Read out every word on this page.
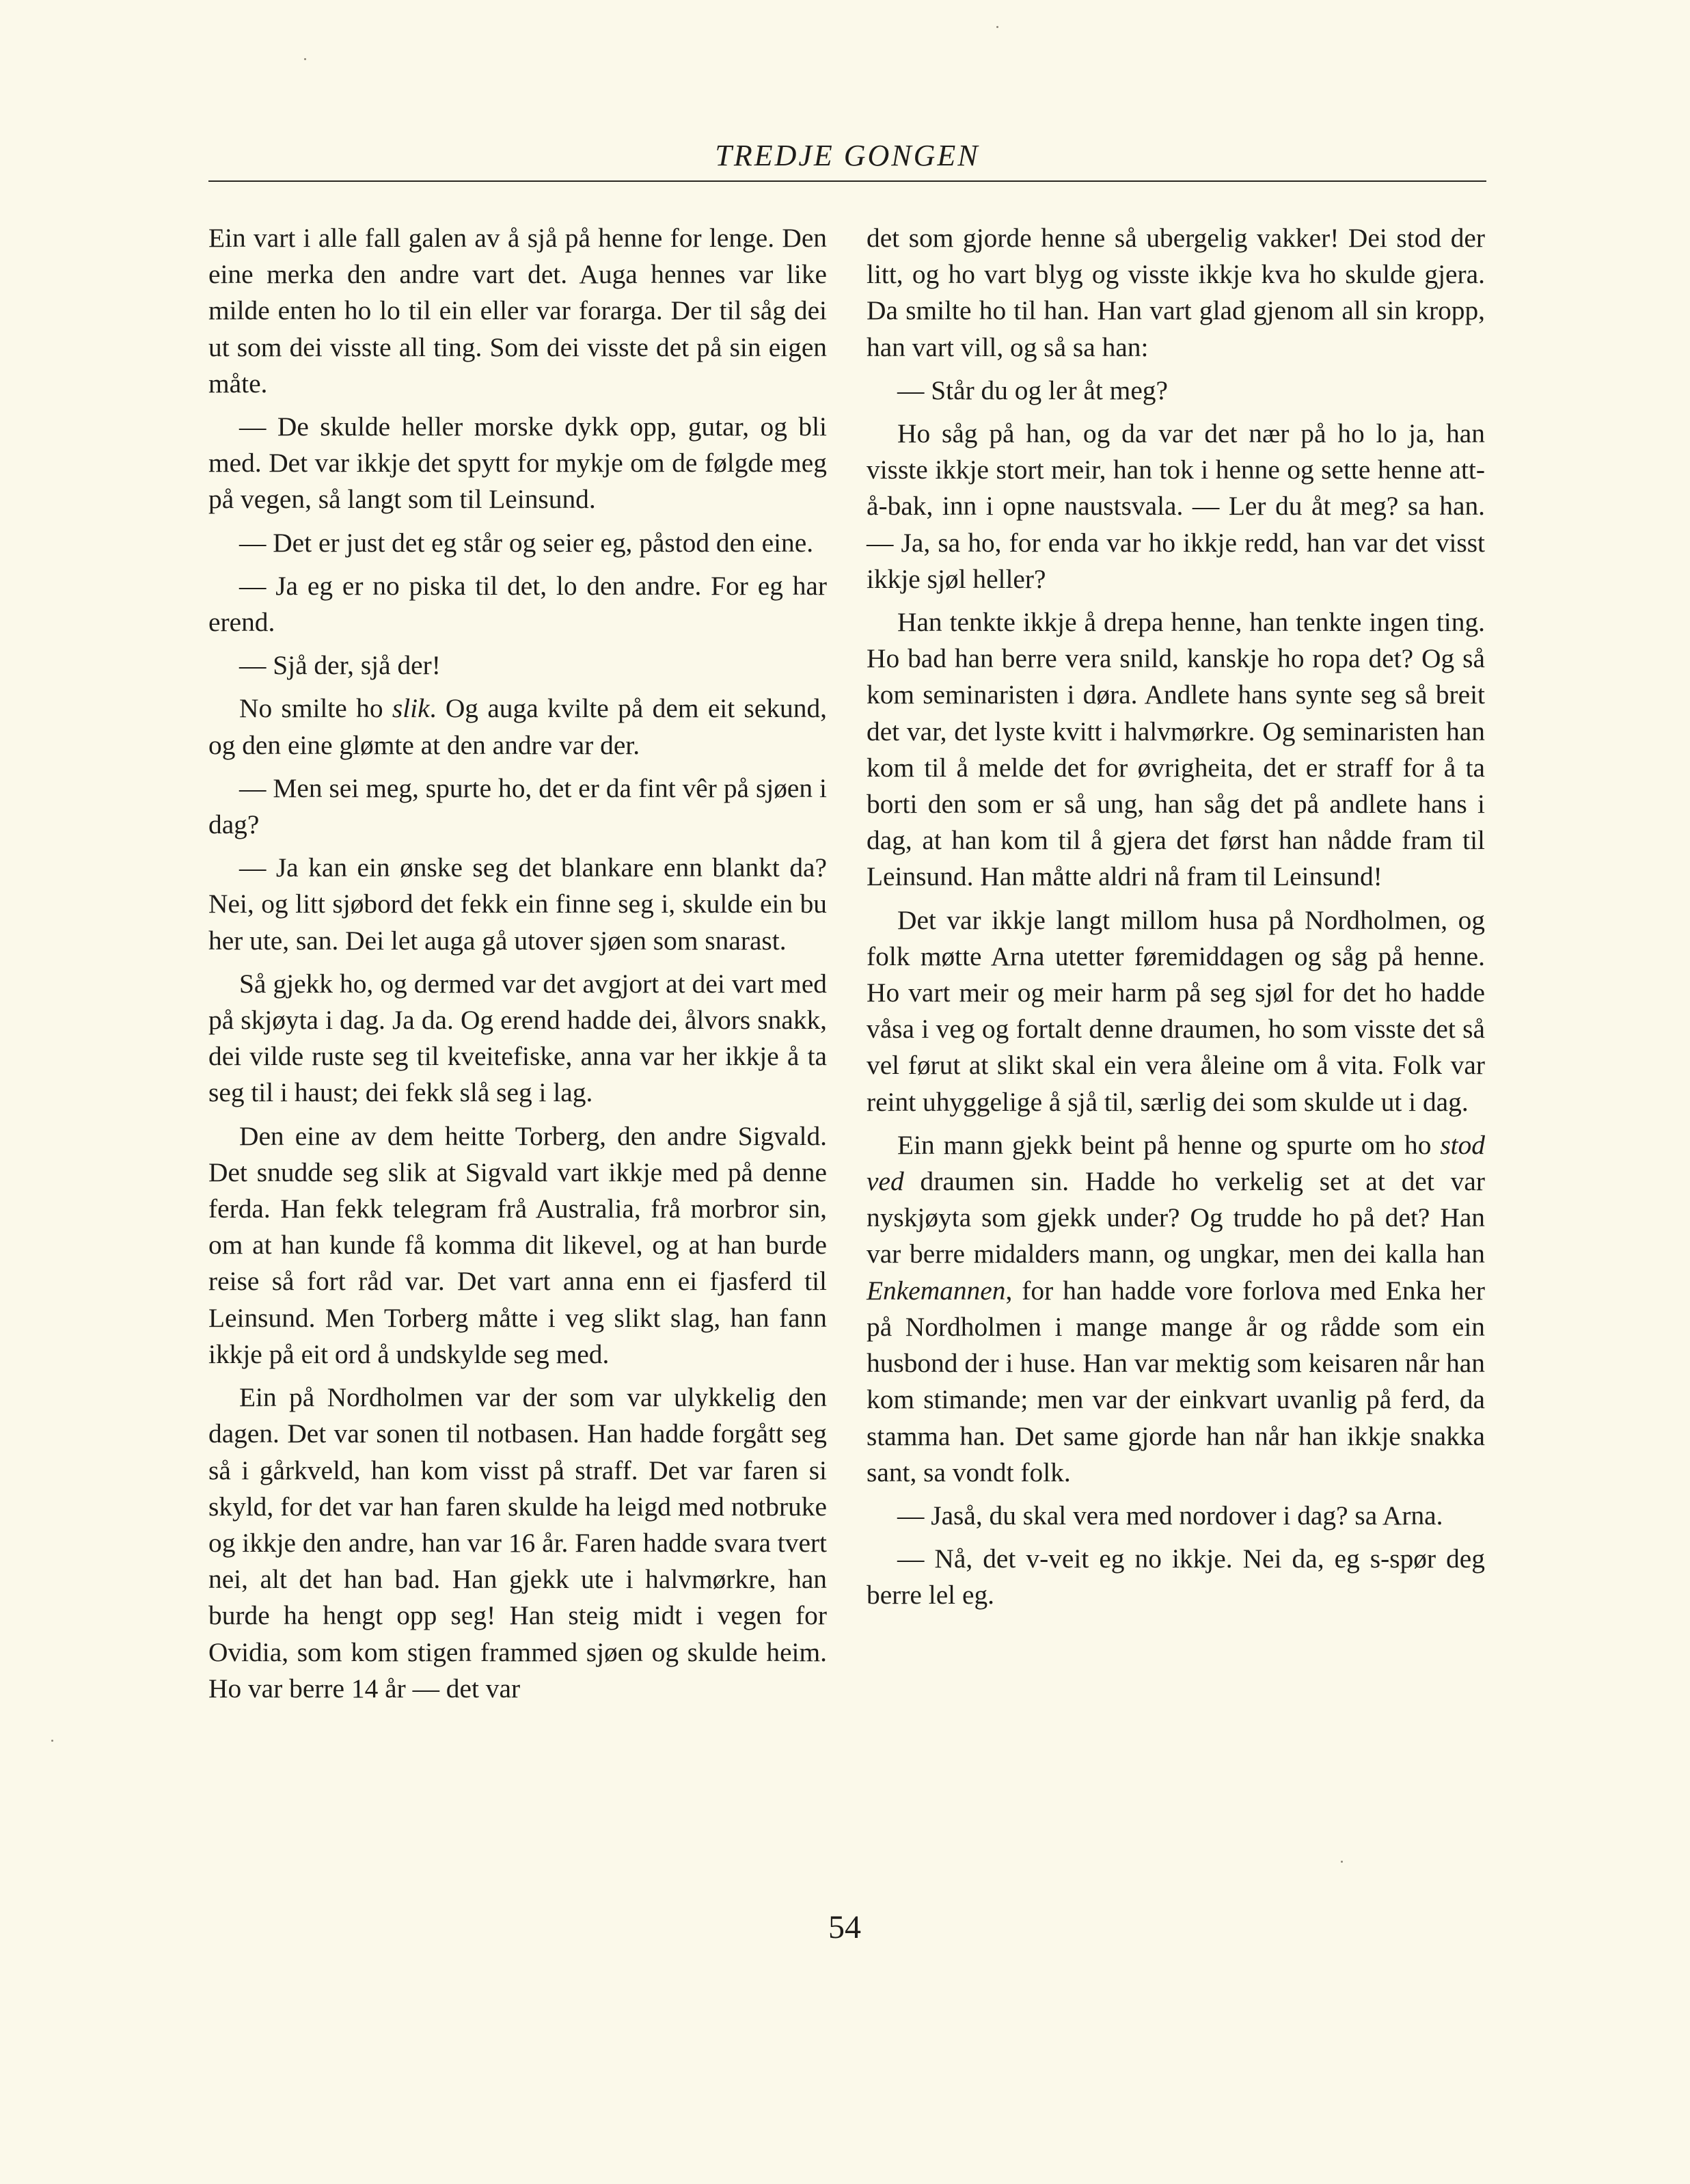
TREDJE GONGEN

Ein vart i alle fall galen av å sjå på henne for lenge. Den eine merka den andre vart det. Auga hennes var like milde enten ho lo til ein eller var forarga. Der til såg dei ut som dei visste all ting. Som dei visste det på sin eigen måte.

— De skulde heller morske dykk opp, gutar, og bli med. Det var ikkje det spytt for mykje om de følgde meg på vegen, så langt som til Leinsund.

— Det er just det eg står og seier eg, påstod den eine.

— Ja eg er no piska til det, lo den andre. For eg har erend.

— Sjå der, sjå der!

No smilte ho slik. Og auga kvilte på dem eit sekund, og den eine glømte at den andre var der.

— Men sei meg, spurte ho, det er da fint vêr på sjøen i dag?

— Ja kan ein ønske seg det blankare enn blankt da? Nei, og litt sjøbord det fekk ein finne seg i, skulde ein bu her ute, san. Dei let auga gå utover sjøen som snarast.

Så gjekk ho, og dermed var det avgjort at dei vart med på skjøyta i dag. Ja da. Og erend hadde dei, ålvors snakk, dei vilde ruste seg til kveitefiske, anna var her ikkje å ta seg til i haust; dei fekk slå seg i lag.

Den eine av dem heitte Torberg, den andre Sigvald. Det snudde seg slik at Sigvald vart ikkje med på denne ferda. Han fekk telegram frå Australia, frå morbror sin, om at han kunde få komma dit likevel, og at han burde reise så fort råd var. Det vart anna enn ei fjasferd til Leinsund. Men Torberg måtte i veg slikt slag, han fann ikkje på eit ord å undskylde seg med.

Ein på Nordholmen var der som var ulykkelig den dagen. Det var sonen til notbasen. Han hadde forgått seg så i gårkveld, han kom visst på straff. Det var faren si skyld, for det var han faren skulde ha leigd med notbruke og ikkje den andre, han var 16 år. Faren hadde svara tvert nei, alt det han bad. Han gjekk ute i halvmørkre, han burde ha hengt opp seg! Han steig midt i vegen for Ovidia, som kom stigen frammed sjøen og skulde heim. Ho var berre 14 år — det var

det som gjorde henne så ubergelig vakker! Dei stod der litt, og ho vart blyg og visste ikkje kva ho skulde gjera. Da smilte ho til han. Han vart glad gjenom all sin kropp, han vart vill, og så sa han:

— Står du og ler åt meg?

Ho såg på han, og da var det nær på ho lo ja, han visste ikkje stort meir, han tok i henne og sette henne att-å-bak, inn i opne naustsvala. — Ler du åt meg? sa han. — Ja, sa ho, for enda var ho ikkje redd, han var det visst ikkje sjøl heller?

Han tenkte ikkje å drepa henne, han tenkte ingen ting. Ho bad han berre vera snild, kanskje ho ropa det? Og så kom seminaristen i døra. Andlete hans synte seg så breit det var, det lyste kvitt i halvmørkre. Og seminaristen han kom til å melde det for øvrigheita, det er straff for å ta borti den som er så ung, han såg det på andlete hans i dag, at han kom til å gjera det først han nådde fram til Leinsund. Han måtte aldri nå fram til Leinsund!

Det var ikkje langt millom husa på Nordholmen, og folk møtte Arna utetter føremiddagen og såg på henne. Ho vart meir og meir harm på seg sjøl for det ho hadde våsa i veg og fortalt denne draumen, ho som visste det så vel førut at slikt skal ein vera åleine om å vita. Folk var reint uhyggelige å sjå til, særlig dei som skulde ut i dag.

Ein mann gjekk beint på henne og spurte om ho stod ved draumen sin. Hadde ho verkelig set at det var nyskjøyta som gjekk under? Og trudde ho på det? Han var berre midalders mann, og ungkar, men dei kalla han Enkemannen, for han hadde vore forlova med Enka her på Nordholmen i mange mange år og rådde som ein husbond der i huse. Han var mektig som keisaren når han kom stimande; men var der einkvart uvanlig på ferd, da stamma han. Det same gjorde han når han ikkje snakka sant, sa vondt folk.

— Jaså, du skal vera med nordover i dag? sa Arna.

— Nå, det v-veit eg no ikkje. Nei da, eg s-spør deg berre lel eg.

54
